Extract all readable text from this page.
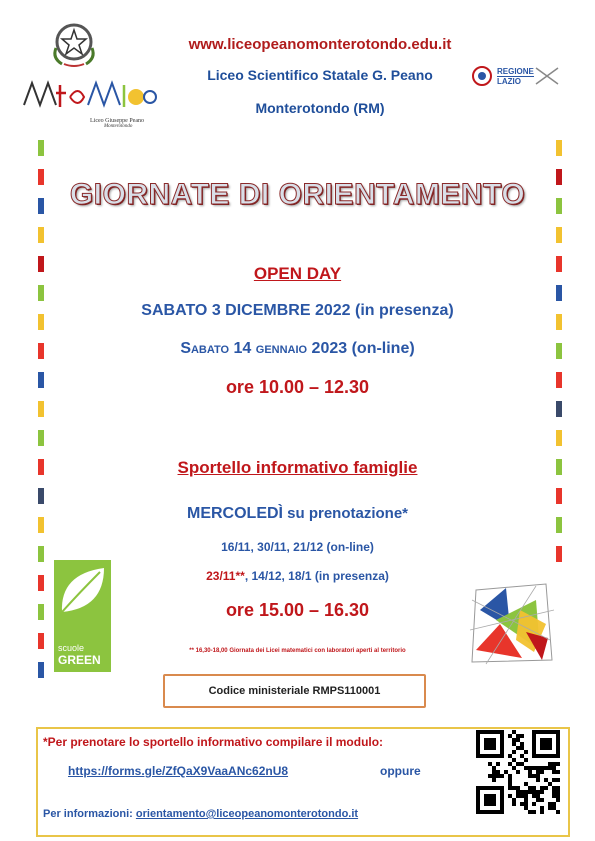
Liceo Giuseppe Peano
Monterotondo
REGIONE
LAZIO
www.liceopeanomonterotondo.edu.it
Liceo Scientifico Statale G. Peano
Monterotondo (RM)
GIORNATE DI ORIENTAMENTO
OPEN DAY
SABATO 3 DICEMBRE 2022 (in presenza)
Sabato 14 gennaio 2023 (on-line)
ore 10.00 – 12.30
Sportello informativo famiglie
MERCOLEDÌ su prenotazione*
16/11, 30/11, 21/12 (on-line)
23/11**, 14/12, 18/1 (in presenza)
ore 15.00 – 16.30
** 16,30-18,00 Giornata dei Licei matematici con laboratori aperti al territorio
scuole
GREEN
Codice ministeriale RMPS110001
*Per prenotare lo sportello informativo compilare il modulo:
https://forms.gle/ZfQaX9VaaANc62nU8	oppure
Per informazioni: orientamento@liceopeanomonterotondo.it
